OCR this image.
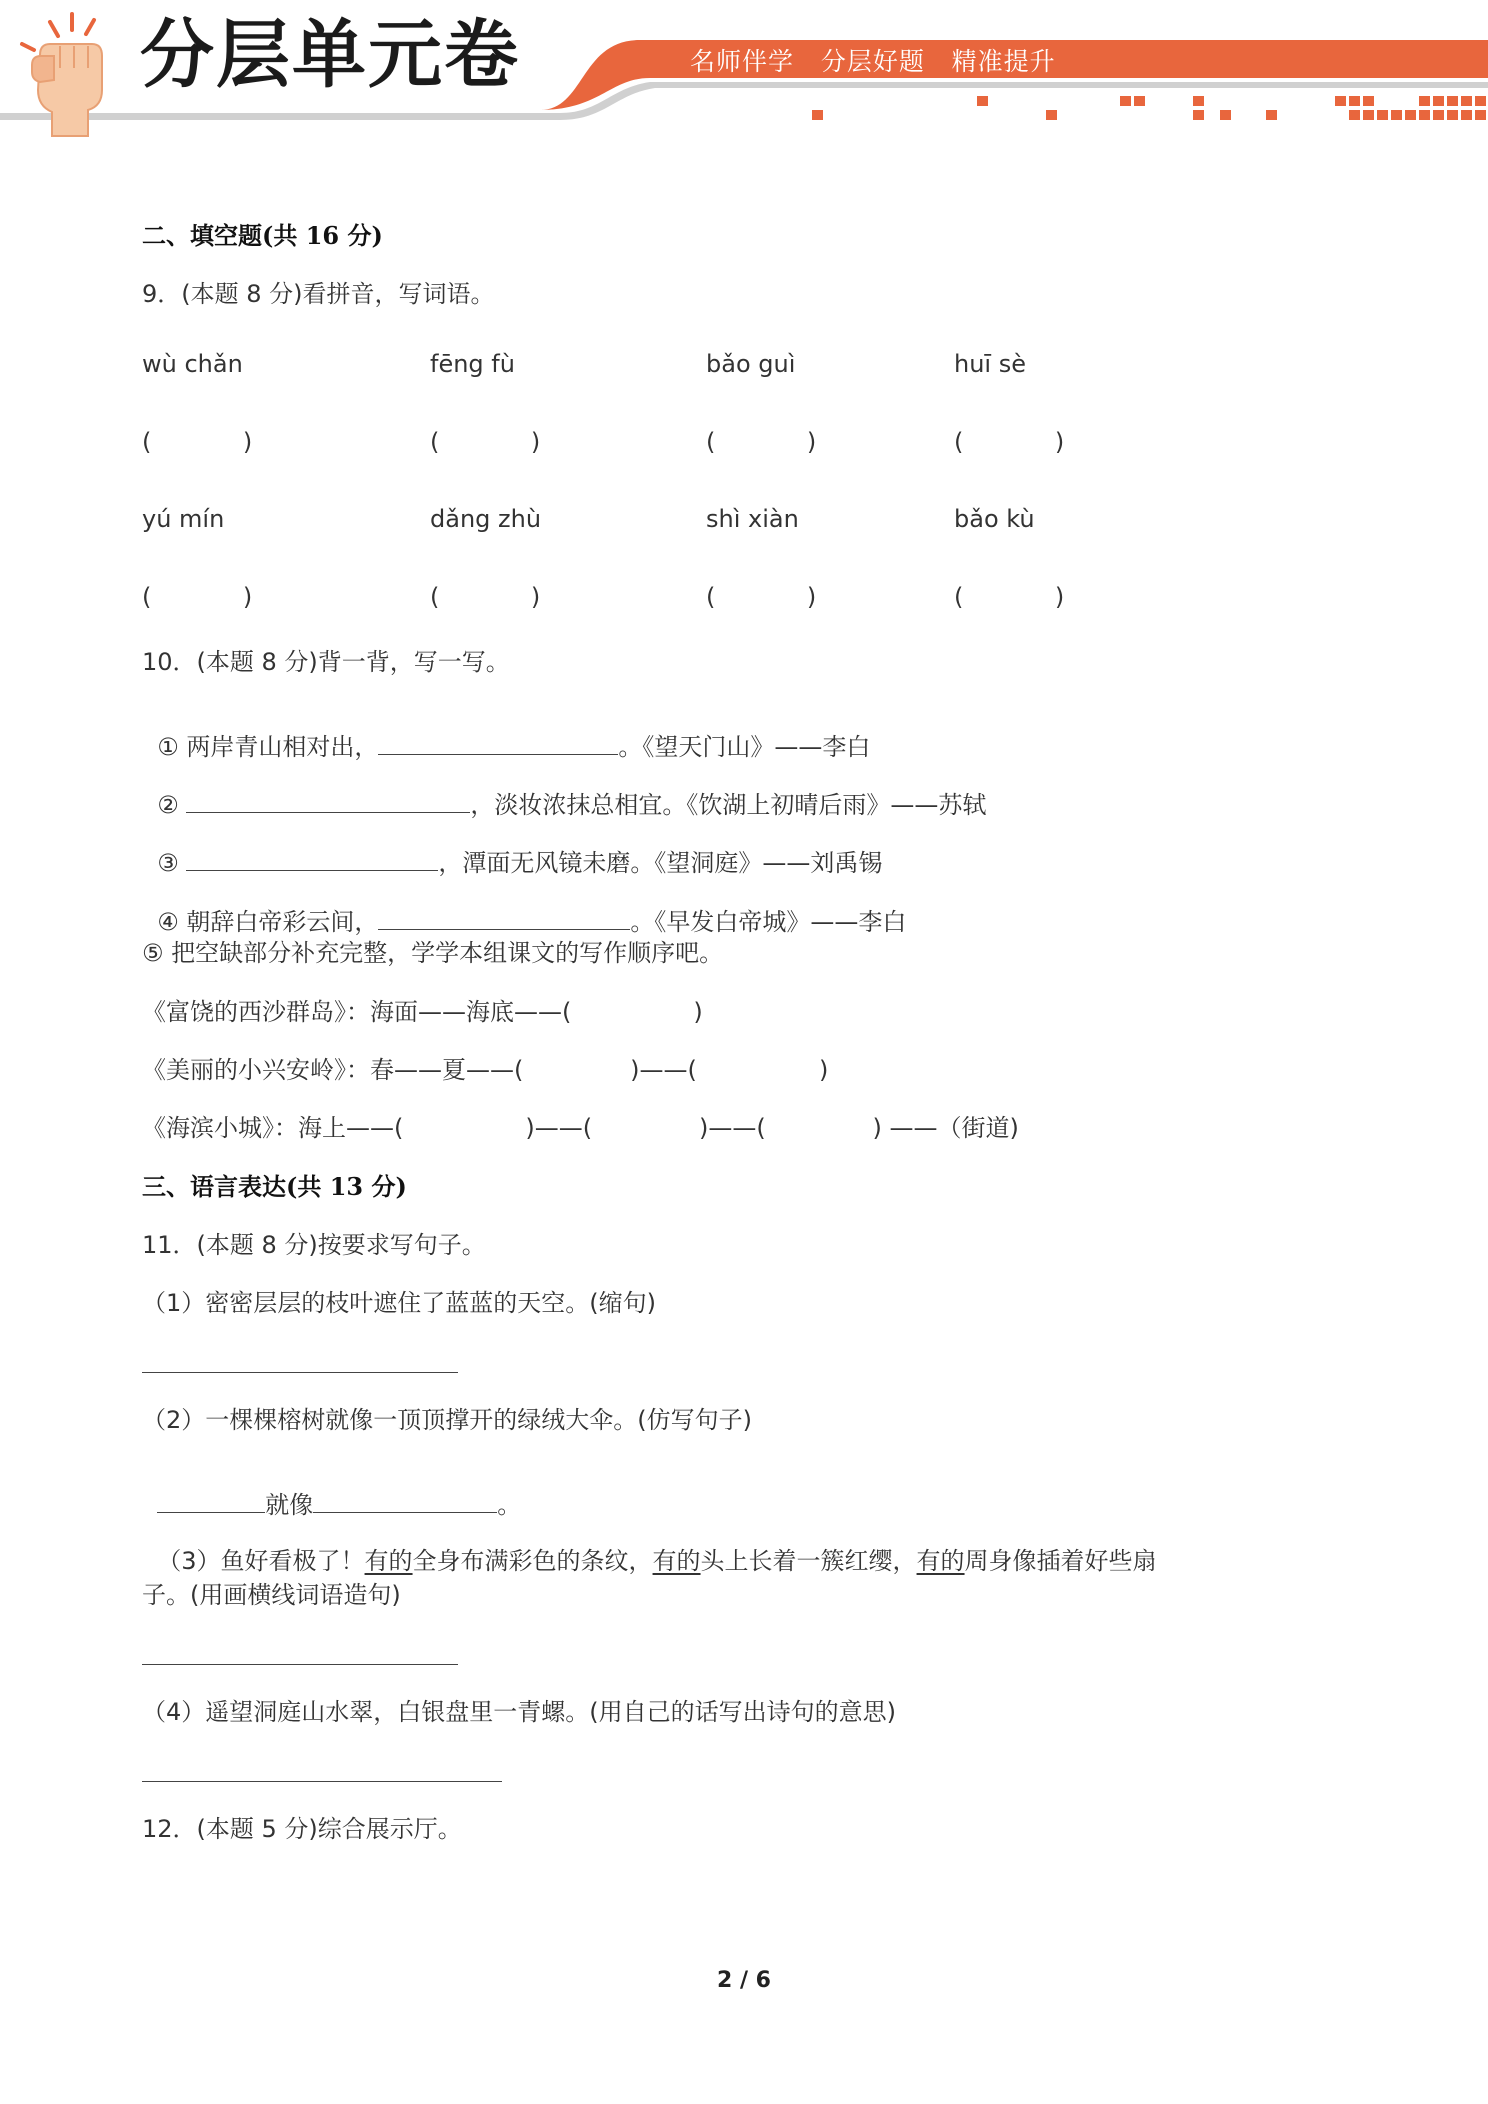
分层单元卷	名师伴学   分层好题   精准提升
二、填空题(共 16 分)
9．(本题 8 分)看拼音，写词语。
wù chǎn	fēng fù	bǎo guì	huī sè
(            )	(            )	(            )	(            )
yú mín	dǎng zhù	shì xiàn	bǎo kù
(            )	(            )	(            )	(            )
10．(本题 8 分)背一背，写一写。

① 两岸青山相对出，	。《望天门山》——李白

②	，淡妆浓抹总相宜。《饮湖上初晴后雨》——苏轼

③	，潭面无风镜未磨。《望洞庭》——刘禹锡

④ 朝辞白帝彩云间，	。《早发白帝城》——李白

⑤ 把空缺部分补充完整，学学本组课文的写作顺序吧。
《富饶的西沙群岛》：海面——海底——(                )
《美丽的小兴安岭》：春——夏——(              )——(                )
《海滨小城》：海上——(                )——(              )——(              ) ——（街道)
三、语言表达(共 13 分)
11．(本题 8 分)按要求写句子。
（1）密密层层的枝叶遮住了蓝蓝的天空。(缩句)
（2）一棵棵榕树就像一顶顶撑开的绿绒大伞。(仿写句子)

就像	。

（3）鱼好看极了！有的全身布满彩色的条纹，有的头上长着一簇红缨，有的周身像插着好些扇

子。(用画横线词语造句)
（4）遥望洞庭山水翠，白银盘里一青螺。(用自己的话写出诗句的意思)
12．(本题 5 分)综合展示厅。
2 / 6
